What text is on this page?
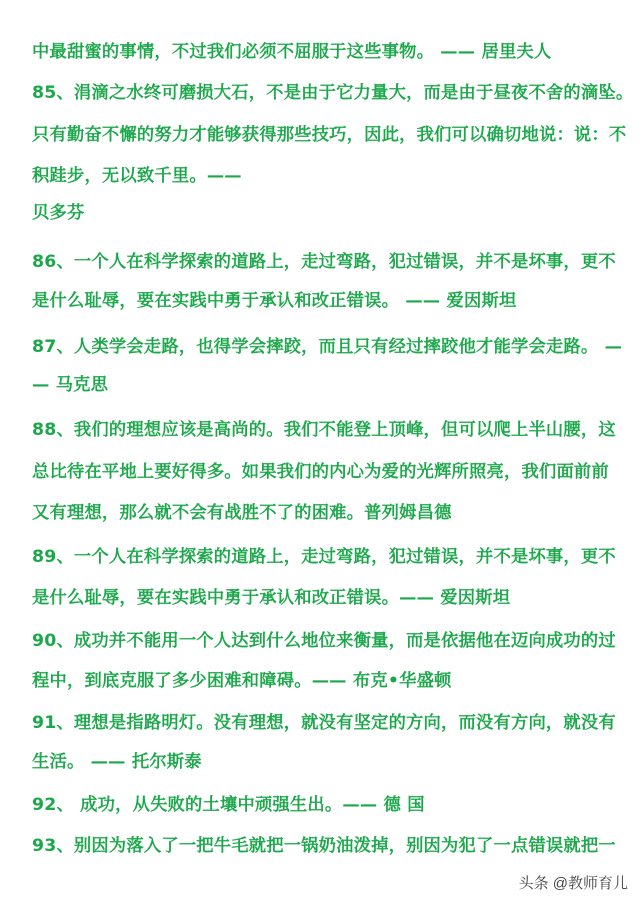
中最甜蜜的事情，不过我们必须不屈服于这些事物。 —— 居里夫人
85、涓滴之水终可磨损大石，不是由于它力量大，而是由于昼夜不舍的滴坠。
只有勤奋不懈的努力才能够获得那些技巧，因此，我们可以确切地说：说：不
积跬步，无以致千里。——
贝多芬
86、一个人在科学探索的道路上，走过弯路，犯过错误，并不是坏事，更不
是什么耻辱，要在实践中勇于承认和改正错误。 —— 爱因斯坦
87、人类学会走路，也得学会摔跤，而且只有经过摔跤他才能学会走路。 —
— 马克思
88、我们的理想应该是高尚的。我们不能登上顶峰，但可以爬上半山腰，这
总比待在平地上要好得多。如果我们的内心为爱的光辉所照亮，我们面前前
又有理想，那么就不会有战胜不了的困难。普列姆昌德
89、一个人在科学探索的道路上，走过弯路，犯过错误，并不是坏事，更不
是什么耻辱，要在实践中勇于承认和改正错误。—— 爱因斯坦
90、成功并不能用一个人达到什么地位来衡量，而是依据他在迈向成功的过
程中，到底克服了多少困难和障碍。—— 布克•华盛顿
91、理想是指路明灯。没有理想，就没有坚定的方向，而没有方向，就没有
生活。 —— 托尔斯泰
92、 成功，从失败的土壤中顽强生出。—— 德 国
93、别因为落入了一把牛毛就把一锅奶油泼掉，别因为犯了一点错误就把一
头条 @教师育儿
